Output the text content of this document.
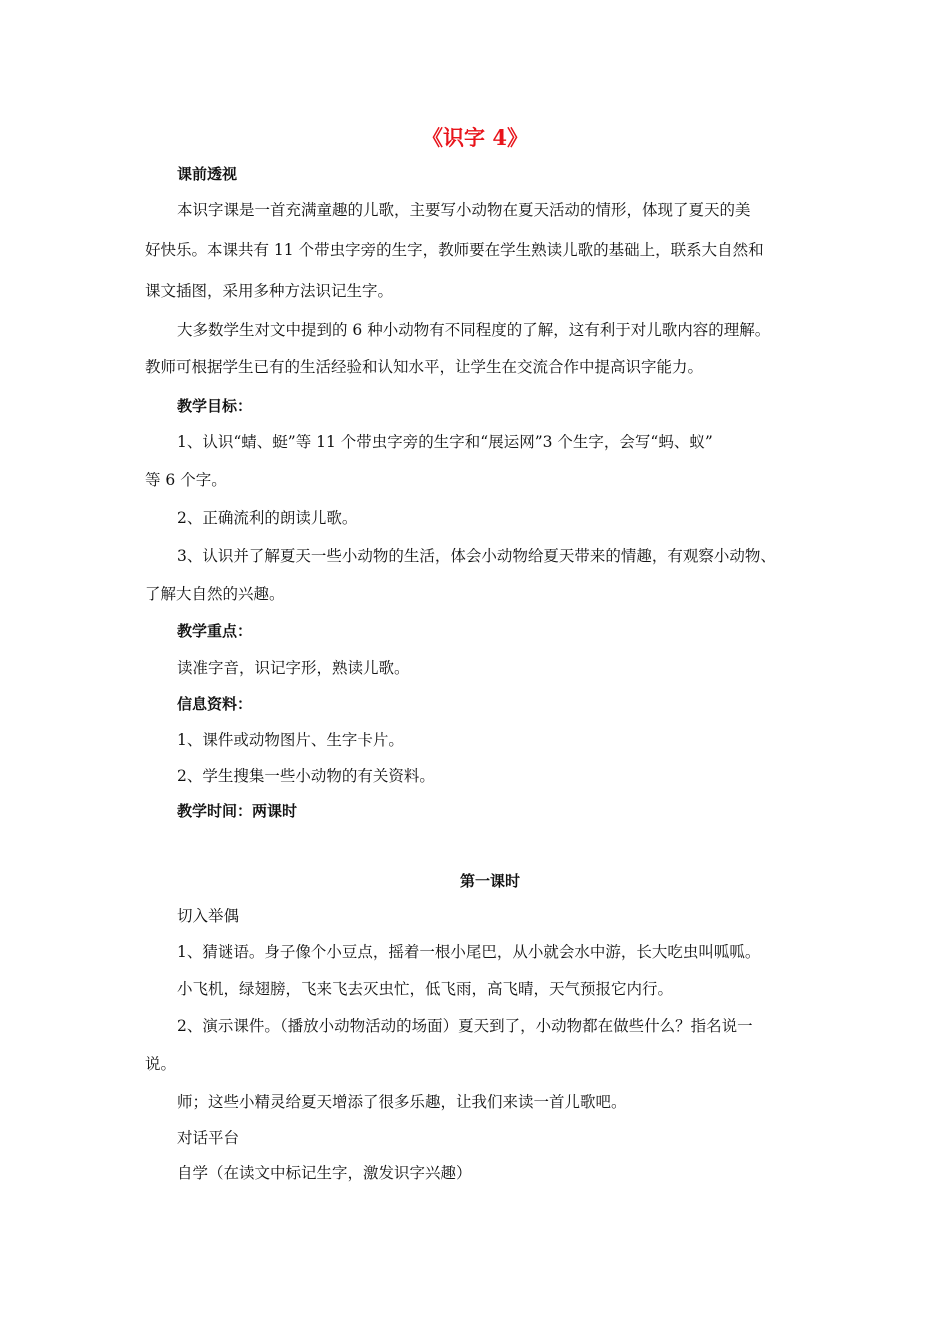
《识字 4》
课前透视
本识字课是一首充满童趣的儿歌，主要写小动物在夏天活动的情形，体现了夏天的美
好快乐。本课共有 11 个带虫字旁的生字，教师要在学生熟读儿歌的基础上，联系大自然和
课文插图，采用多种方法识记生字。
大多数学生对文中提到的 6 种小动物有不同程度的了解，这有利于对儿歌内容的理解。
教师可根据学生已有的生活经验和认知水平，让学生在交流合作中提高识字能力。
教学目标：
1、认识“蜻、蜓”等 11 个带虫字旁的生字和“展运网”3 个生字，会写“蚂、蚁”
等 6 个字。
2、正确流利的朗读儿歌。
3、认识并了解夏天一些小动物的生活，体会小动物给夏天带来的情趣，有观察小动物、
了解大自然的兴趣。
教学重点：
读准字音，识记字形，熟读儿歌。
信息资料：
1、课件或动物图片、生字卡片。
2、学生搜集一些小动物的有关资料。
教学时间：两课时
第一课时
切入举偶
1、猜谜语。身子像个小豆点，摇着一根小尾巴，从小就会水中游，长大吃虫叫呱呱。
小飞机，绿翅膀，飞来飞去灭虫忙，低飞雨，高飞晴，天气预报它内行。
2、演示课件。（播放小动物活动的场面）夏天到了，小动物都在做些什么？指名说一
说。
师；这些小精灵给夏天增添了很多乐趣，让我们来读一首儿歌吧。
对话平台
自学（在读文中标记生字，激发识字兴趣）
